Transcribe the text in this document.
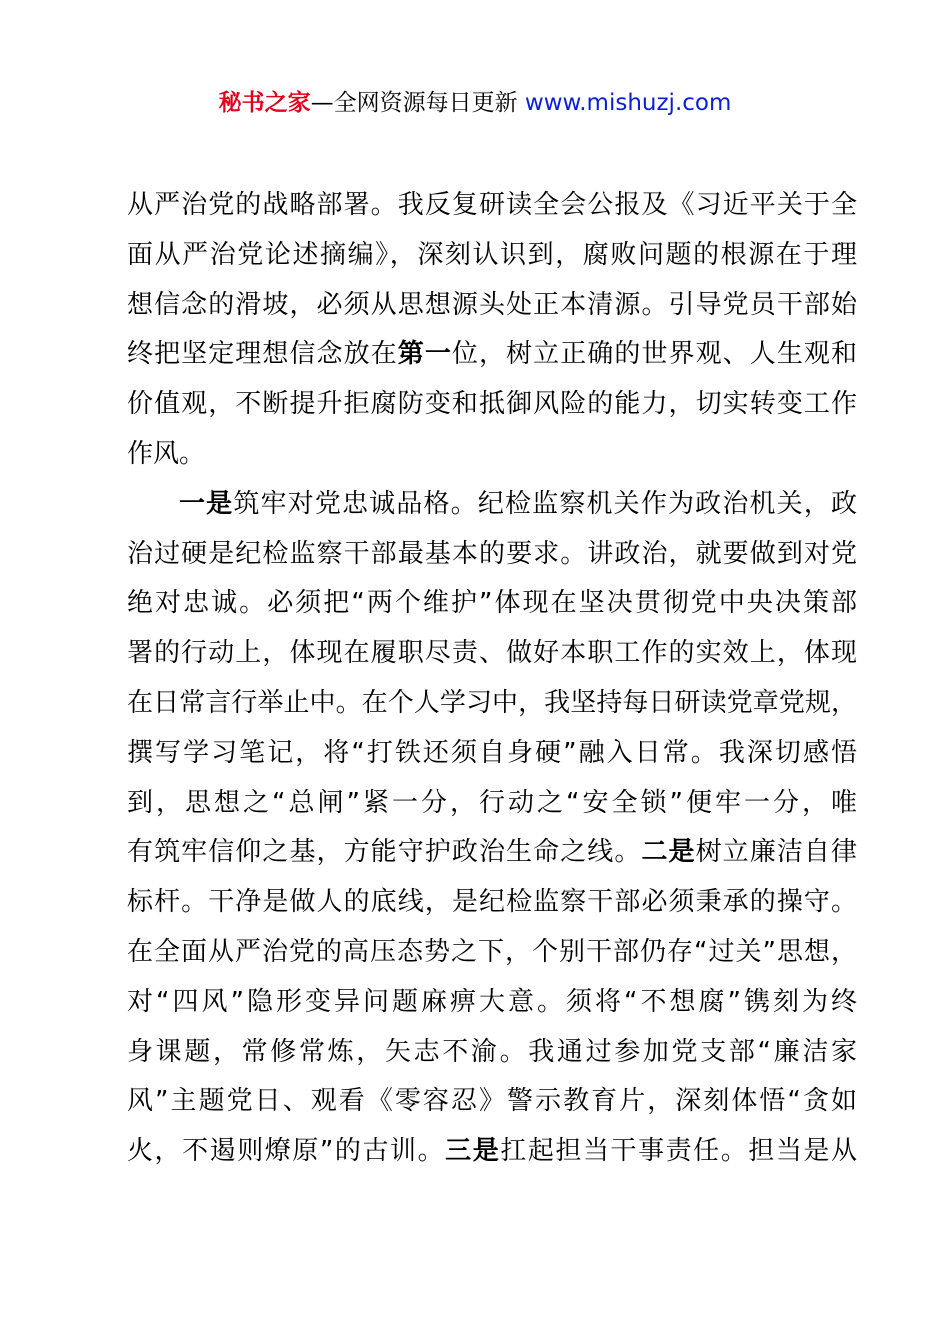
秘书之家—全网资源每日更新 www.mishuzj.com
从严治党的战略部署。我反复研读全会公报及《习近平关于全
面从严治党论述摘编》，深刻认识到，腐败问题的根源在于理
想信念的滑坡，必须从思想源头处正本清源。引导党员干部始
终把坚定理想信念放在第一位，树立正确的世界观、人生观和
价值观，不断提升拒腐防变和抵御风险的能力，切实转变工作
作风。
一是筑牢对党忠诚品格。纪检监察机关作为政治机关，政
治过硬是纪检监察干部最基本的要求。讲政治，就要做到对党
绝对忠诚。必须把“两个维护”体现在坚决贯彻党中央决策部
署的行动上，体现在履职尽责、做好本职工作的实效上，体现
在日常言行举止中。在个人学习中，我坚持每日研读党章党规，
撰写学习笔记，将“打铁还须自身硬”融入日常。我深切感悟
到，思想之“总闸”紧一分，行动之“安全锁”便牢一分，唯
有筑牢信仰之基，方能守护政治生命之线。二是树立廉洁自律
标杆。干净是做人的底线，是纪检监察干部必须秉承的操守。
在全面从严治党的高压态势之下，个别干部仍存“过关”思想，
对“四风”隐形变异问题麻痹大意。须将“不想腐”镌刻为终
身课题，常修常炼，矢志不渝。我通过参加党支部“廉洁家
风”主题党日、观看《零容忍》警示教育片，深刻体悟“贪如
火，不遏则燎原”的古训。三是扛起担当干事责任。担当是从
